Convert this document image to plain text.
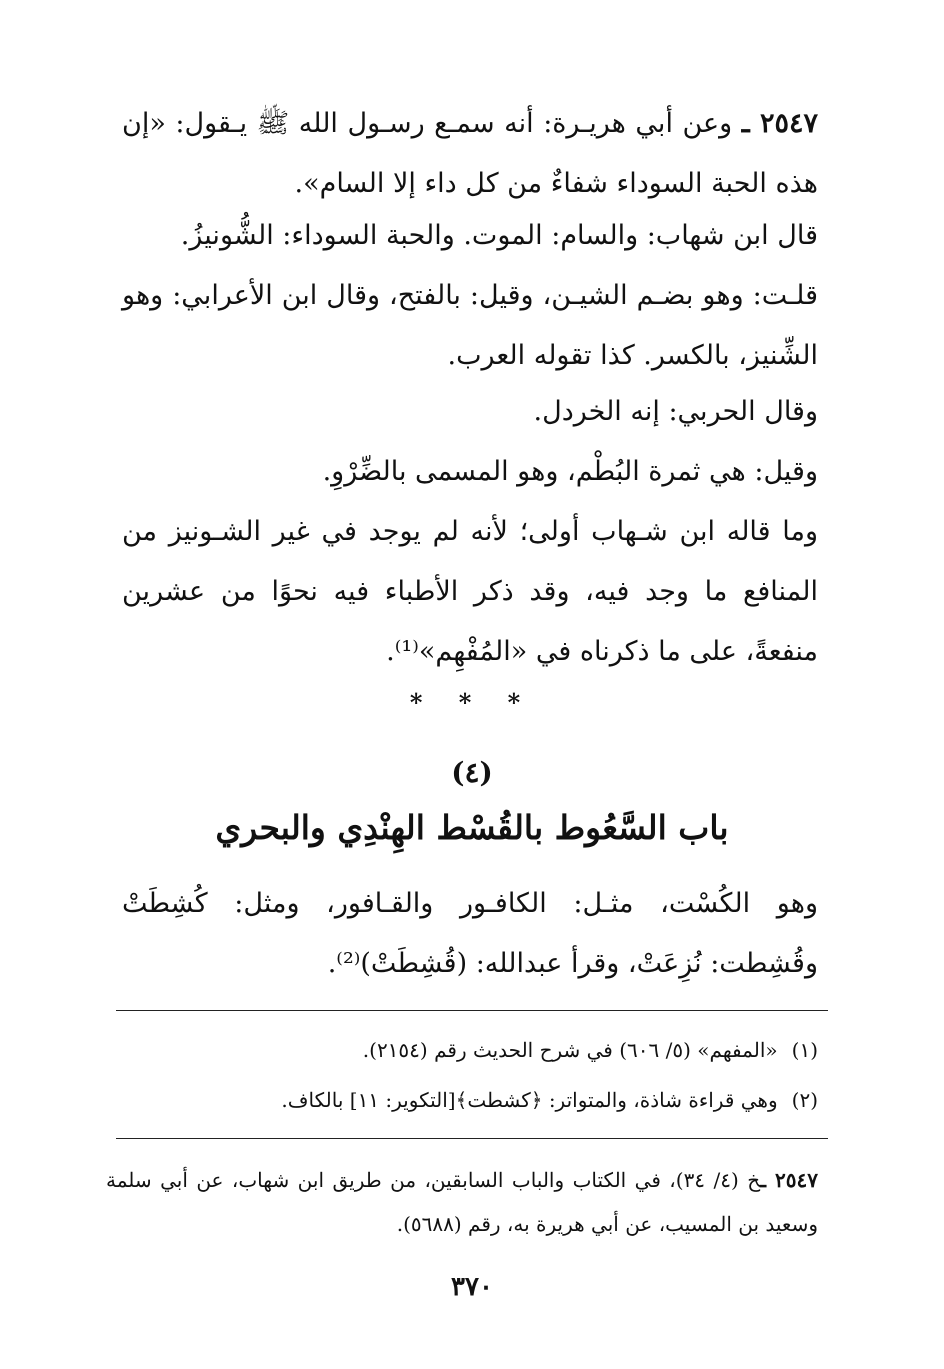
٢٥٤٧ ـ وعن أبي هريـرة: أنه سمـع رسـول الله ﷺ يـقول: «إن هذه الحبة السوداء شفاءٌ من كل داء إلا السام».
قال ابن شهاب: والسام: الموت. والحبة السوداء: الشُّونيزُ.
قلـت: وهو بضـم الشيـن، وقيل: بالفتح، وقال ابن الأعرابي: وهو الشِّنيز، بالكسر. كذا تقوله العرب.
وقال الحربي: إنه الخردل.
وقيل: هي ثمرة البُطْم، وهو المسمى بالضِّرْوِ.
وما قاله ابن شـهاب أولى؛ لأنه لم يوجد في غير الشـونيز من المنافع ما وجد فيه، وقد ذكر الأطباء فيه نحوًا من عشرين منفعةً، على ما ذكرناه في «المُفْهِم»⁽¹⁾.
* * *
(٤)
باب السَّعُوط بالقُسْط الهِنْدِي والبحري
وهو الكُسْت، مثـل: الكافـور والقـافور، ومثل: كُشِطَتْ وقُشِطت: نُزِعَتْ، وقرأ عبدالله: (قُشِطَتْ)⁽²⁾.
(١)«المفهم» (٥/ ٦٠٦) في شرح الحديث رقم (٢١٥٤).
(٢)وهي قراءة شاذة، والمتواتر: ﴿كشطت﴾[التكوير: ١١] بالكاف.
٢٥٤٧ ـخ (٤/ ٣٤)، في الكتاب والباب السابقين، من طريق ابن شهاب، عن أبي سلمة وسعيد بن المسيب، عن أبي هريرة به، رقم (٥٦٨٨).
٣٧٠
